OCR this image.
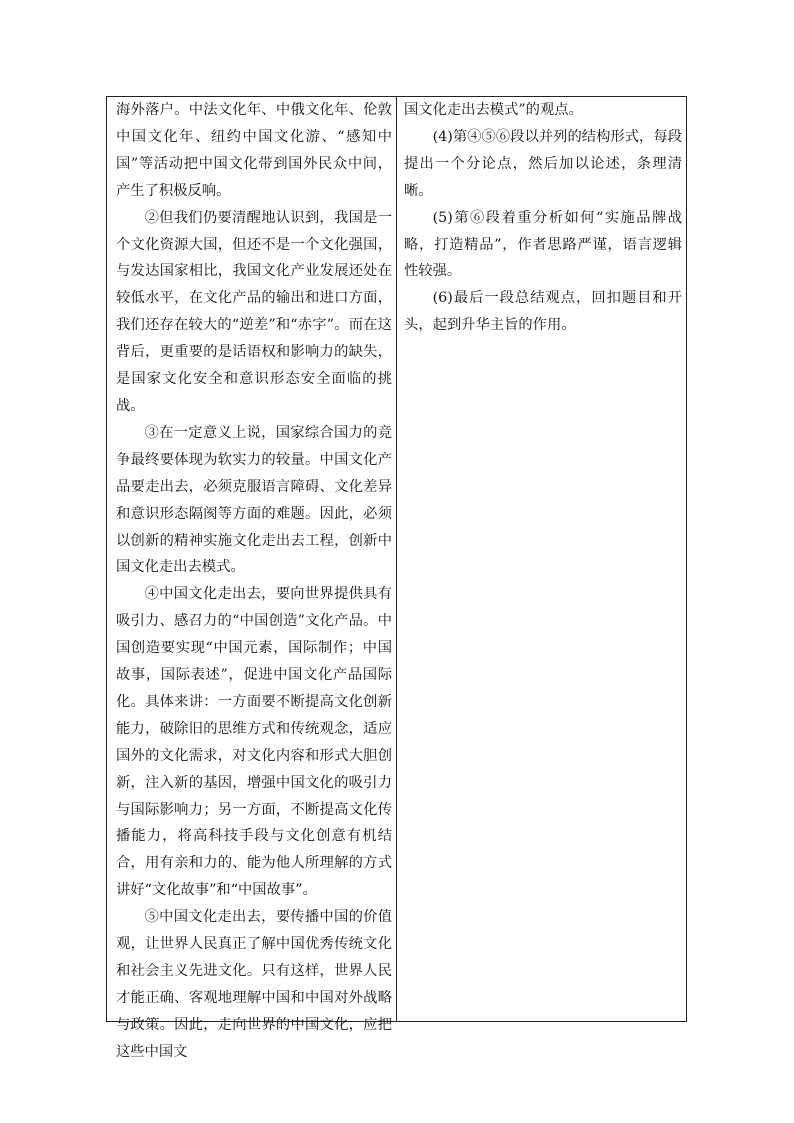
海外落户。中法文化年、中俄文化年、伦敦中国文化年、纽约中国文化游、“感知中国”等活动把中国文化带到国外民众中间，产生了积极反响。

②但我们仍要清醒地认识到，我国是一个文化资源大国，但还不是一个文化强国，与发达国家相比，我国文化产业发展还处在较低水平，在文化产品的输出和进口方面，我们还存在较大的“逆差”和“赤字”。而在这背后，更重要的是话语权和影响力的缺失，是国家文化安全和意识形态安全面临的挑战。

③在一定意义上说，国家综合国力的竞争最终要体现为软实力的较量。中国文化产品要走出去，必须克服语言障碍、文化差异和意识形态隔阂等方面的难题。因此，必须以创新的精神实施文化走出去工程，创新中国文化走出去模式。

④中国文化走出去，要向世界提供具有吸引力、感召力的“中国创造”文化产品。中国创造要实现“中国元素，国际制作；中国故事，国际表述”，促进中国文化产品国际化。具体来讲：一方面要不断提高文化创新能力，破除旧的思维方式和传统观念，适应国外的文化需求，对文化内容和形式大胆创新，注入新的基因，增强中国文化的吸引力与国际影响力；另一方面，不断提高文化传播能力，将高科技手段与文化创意有机结合，用有亲和力的、能为他人所理解的方式讲好“文化故事”和“中国故事”。

⑤中国文化走出去，要传播中国的价值观，让世界人民真正了解中国优秀传统文化和社会主义先进文化。只有这样，世界人民才能正确、客观地理解中国和中国对外战略与政策。因此，走向世界的中国文化，应把这些中国文

国文化走出去模式”的观点。

(4)第④⑤⑥段以并列的结构形式，每段提出一个分论点，然后加以论述，条理清晰。

(5)第⑥段着重分析如何“实施品牌战略，打造精品”，作者思路严谨，语言逻辑性较强。

(6)最后一段总结观点，回扣题目和开头，起到升华主旨的作用。
